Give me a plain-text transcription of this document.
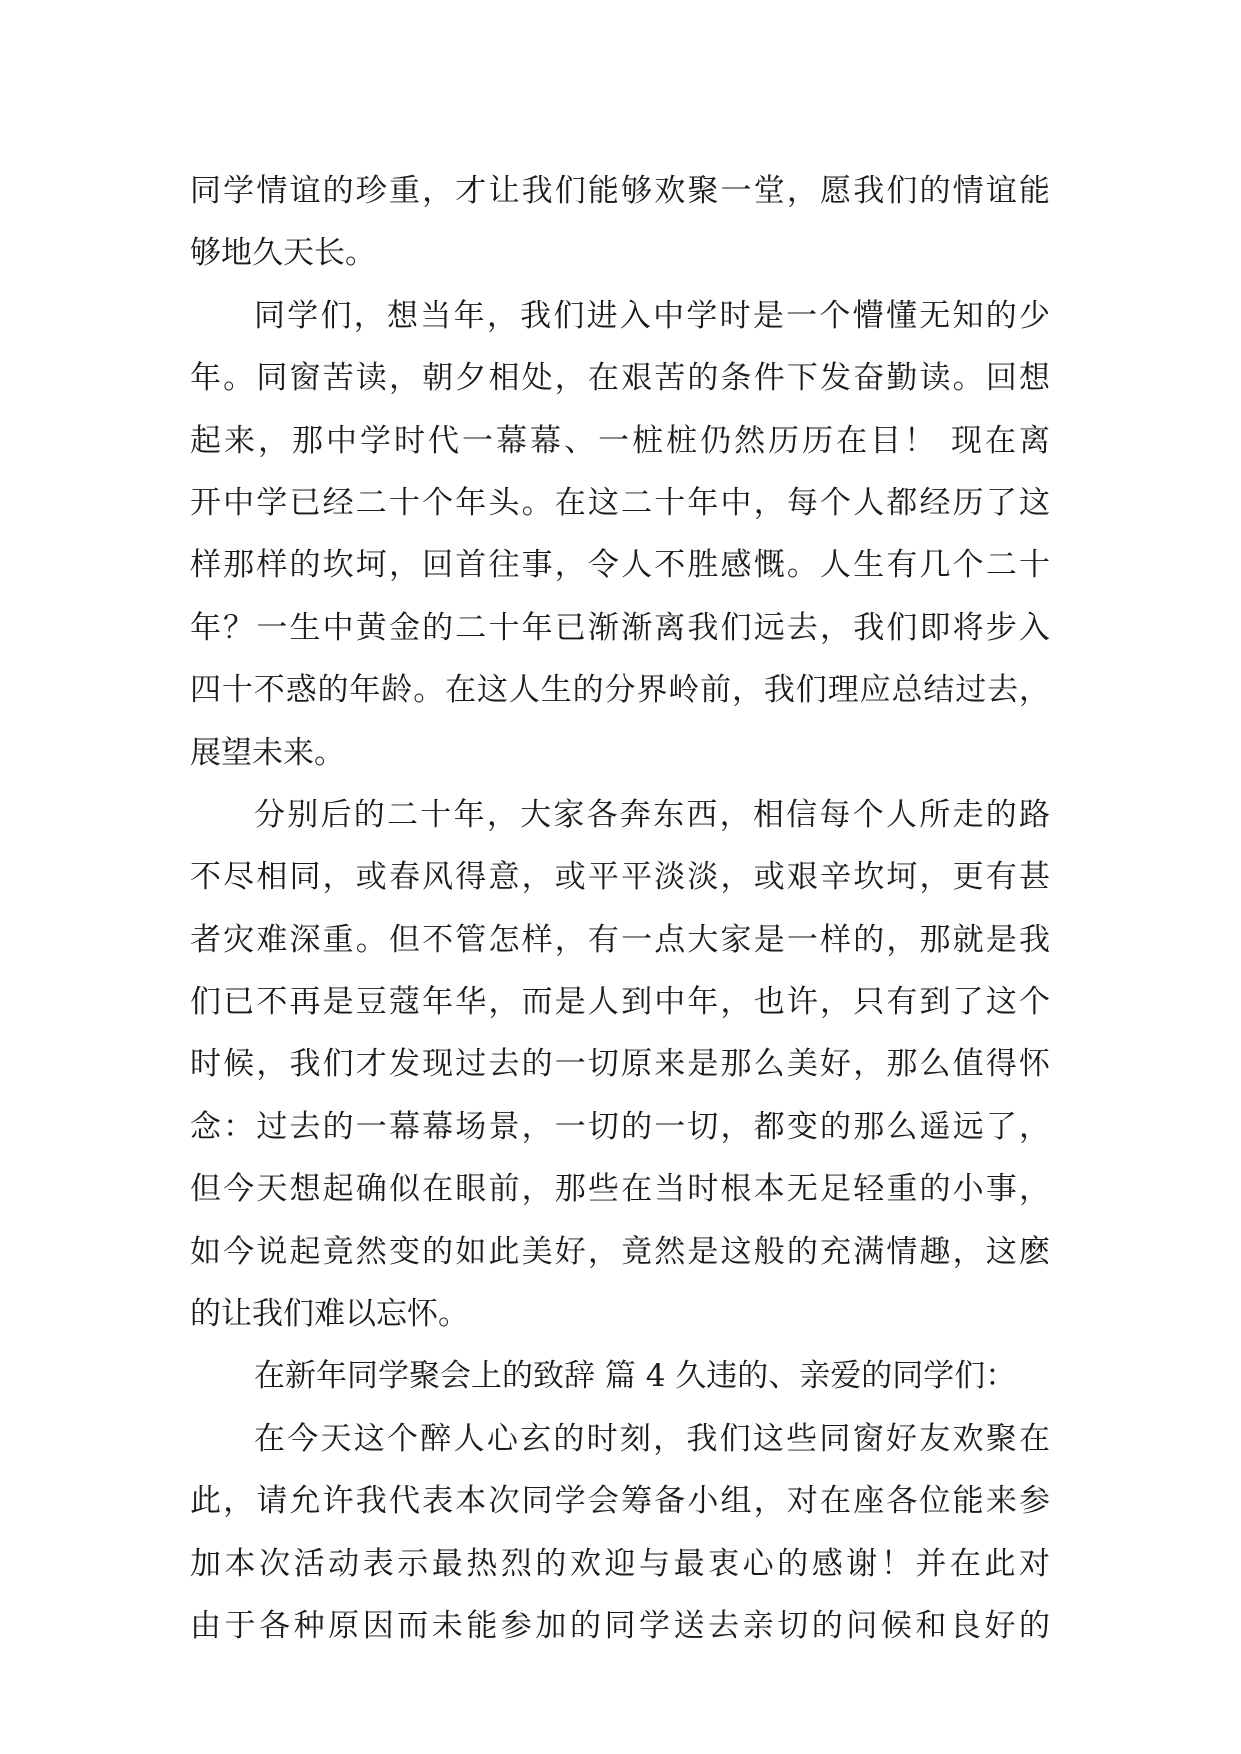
同学情谊的珍重，才让我们能够欢聚一堂，愿我们的情谊能
够地久天长。
同学们，想当年，我们进入中学时是一个懵懂无知的少
年。同窗苦读，朝夕相处，在艰苦的条件下发奋勤读。回想
起来，那中学时代一幕幕、一桩桩仍然历历在目！ 现在离
开中学已经二十个年头。在这二十年中，每个人都经历了这
样那样的坎坷，回首往事，令人不胜感慨。人生有几个二十
年？一生中黄金的二十年已渐渐离我们远去，我们即将步入
四十不惑的年龄。在这人生的分界岭前，我们理应总结过去，
展望未来。
分别后的二十年，大家各奔东西，相信每个人所走的路
不尽相同，或春风得意，或平平淡淡，或艰辛坎坷，更有甚
者灾难深重。但不管怎样，有一点大家是一样的，那就是我
们已不再是豆蔻年华，而是人到中年，也许，只有到了这个
时候，我们才发现过去的一切原来是那么美好，那么值得怀
念：过去的一幕幕场景，一切的一切，都变的那么遥远了，
但今天想起确似在眼前，那些在当时根本无足轻重的小事，
如今说起竟然变的如此美好，竟然是这般的充满情趣，这麽
的让我们难以忘怀。
在新年同学聚会上的致辞 篇 4 久违的、亲爱的同学们：
在今天这个醉人心玄的时刻，我们这些同窗好友欢聚在
此，请允许我代表本次同学会筹备小组，对在座各位能来参
加本次活动表示最热烈的欢迎与最衷心的感谢！并在此对
由于各种原因而未能参加的同学送去亲切的问候和良好的
